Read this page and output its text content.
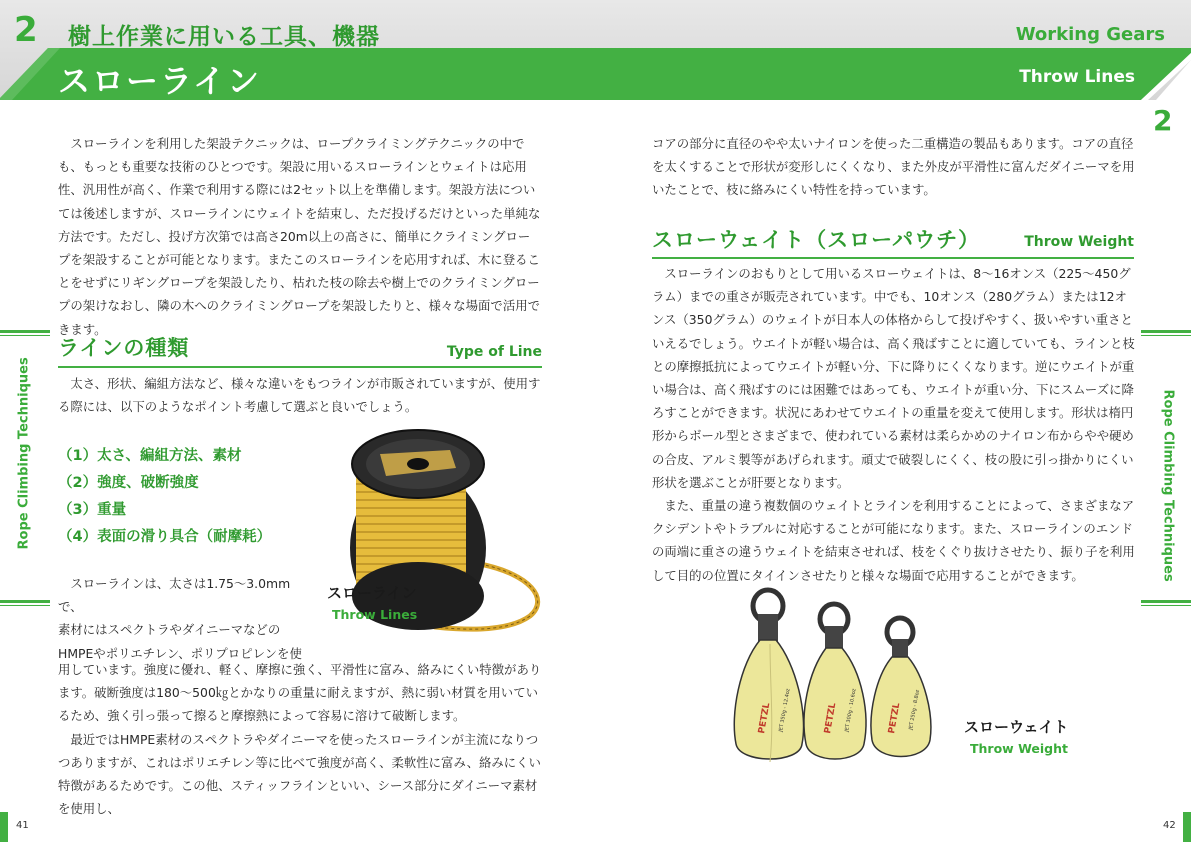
2 樹上作業に用いる工具、機器	Working Gears
スローライン	Throw Lines
2

スローラインを利用した架設テクニックは、ロープクライミングテクニックの中でも、もっとも重要な技術のひとつです。架設に用いるスローラインとウェイトは応用性、汎用性が高く、作業で利用する際には2セット以上を準備します。架設方法については後述しますが、スローラインにウェイトを結束し、ただ投げるだけといった単純な方法です。ただし、投げ方次第では高さ20m以上の高さに、簡単にクライミングロープを架設することが可能となります。またこのスローラインを応用すれば、木に登ることをせずにリギングロープを架設したり、枯れた枝の除去や樹上でのクライミングロープの架けなおし、隣の木へのクライミングロープを架設したりと、様々な場面で活用できます。

ラインの種類	Type of Line

太さ、形状、編組方法など、様々な違いをもつラインが市販されていますが、使用する際には、以下のようなポイント考慮して選ぶと良いでしょう。

（1）太さ、編組方法、素材
（2）強度、破断強度
（3）重量
（4）表面の滑り具合（耐摩耗）
スローライン
Throw Lines
スローラインは、太さは1.75〜3.0mmで、
素材にはスペクトラやダイニーマなどの
HMPEやポリエチレン、ポリプロピレンを使

用しています。強度に優れ、軽く、摩擦に強く、平滑性に富み、絡みにくい特徴があります。破断強度は180〜500㎏とかなりの重量に耐えますが、熱に弱い材質を用いているため、強く引っ張って擦ると摩擦熱によって容易に溶けて破断します。

最近ではHMPE素材のスペクトラやダイニーマを使ったスローラインが主流になりつつありますが、これはポリエチレン等に比べて強度が高く、柔軟性に富み、絡みにくい特徴があるためです。この他、スティッフラインといい、シース部分にダイニーマ素材を使用し、

Rope Climbing Techniques
41

コアの部分に直径のやや太いナイロンを使った二重構造の製品もあります。コアの直径を太くすることで形状が変形しにくくなり、また外皮が平滑性に富んだダイニーマを用いたことで、枝に絡みにくい特性を持っています。

スローウェイト（スローパウチ）	Throw Weight

スローラインのおもりとして用いるスローウェイトは、8〜16オンス（225〜450グラム）までの重さが販売されています。中でも、10オンス（280グラム）または12オンス（350グラム）のウェイトが日本人の体格からして投げやすく、扱いやすい重さといえるでしょう。ウエイトが軽い場合は、高く飛ばすことに適していても、ラインと枝との摩擦抵抗によってウエイトが軽い分、下に降りにくくなります。逆にウエイトが重い場合は、高く飛ばすのには困難ではあっても、ウエイトが重い分、下にスムーズに降ろすことができます。状況にあわせてウエイトの重量を変えて使用します。形状は楕円形からボール型とさまざまで、使われている素材は柔らかめのナイロン布からやや硬めの合皮、アルミ製等があげられます。頑丈で破裂しにくく、枝の股に引っ掛かりにくい形状を選ぶことが肝要となります。

また、重量の違う複数個のウェイトとラインを利用することによって、さまざまなアクシデントやトラブルに対応することが可能になります。また、スローラインのエンドの両端に重さの違うウェイトを結束させれば、枝をくぐり抜けさせたり、振り子を利用して目的の位置にタイインさせたりと様々な場面で応用することができます。

PETZL	PETZL	PETZL
JET 350g - 12.4oz	JET 300g - 10.6oz	JET 250g - 8.8oz	スローウェイト
Throw Weight
Rope Climbing Techniques
42
